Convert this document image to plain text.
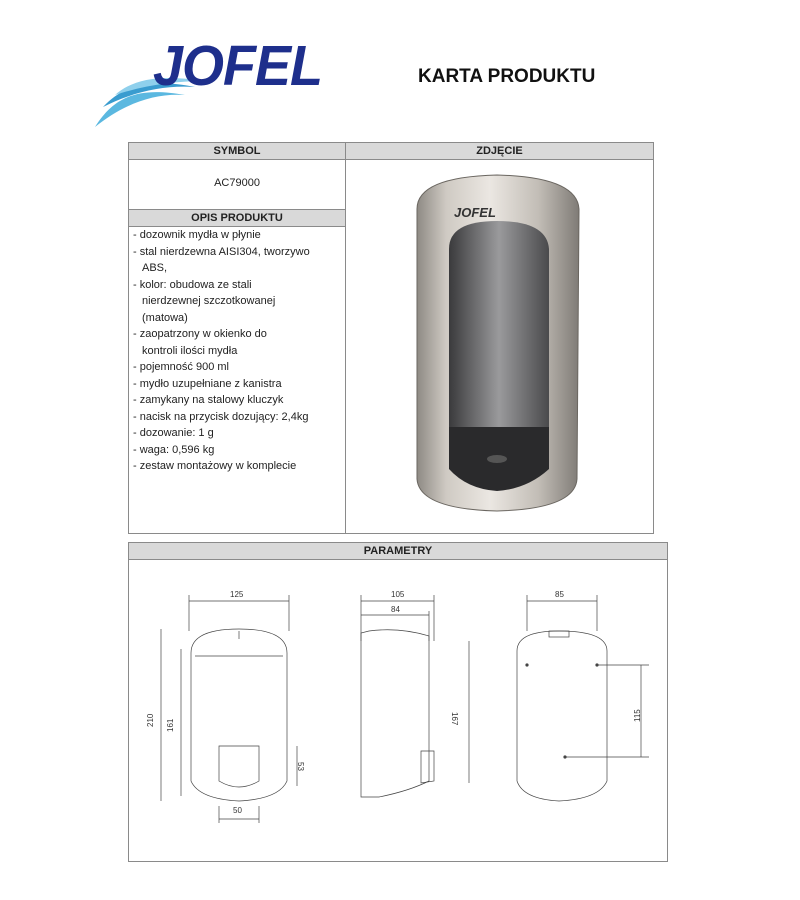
JOFEL	KARTA PRODUKTU
SYMBOL	ZDJĘCIE
AC79000
OPIS PRODUKTU
- dozownik mydła w płynie
- stal nierdzewna AISI304, tworzywo
ABS,
- kolor: obudowa ze stali
nierdzewnej szczotkowanej
(matowa)
- zaopatrzony w okienko do
kontroli ilości mydła
- pojemność 900 ml
- mydło uzupełniane z kanistra
- zamykany na stalowy kluczyk
- nacisk na przycisk dozujący: 2,4kg
- dozowanie: 1 g
- waga: 0,596 kg
- zestaw montażowy w komplecie
JOFEL
PARAMETRY
125
210 161
53
50
105
84
167
85
115
